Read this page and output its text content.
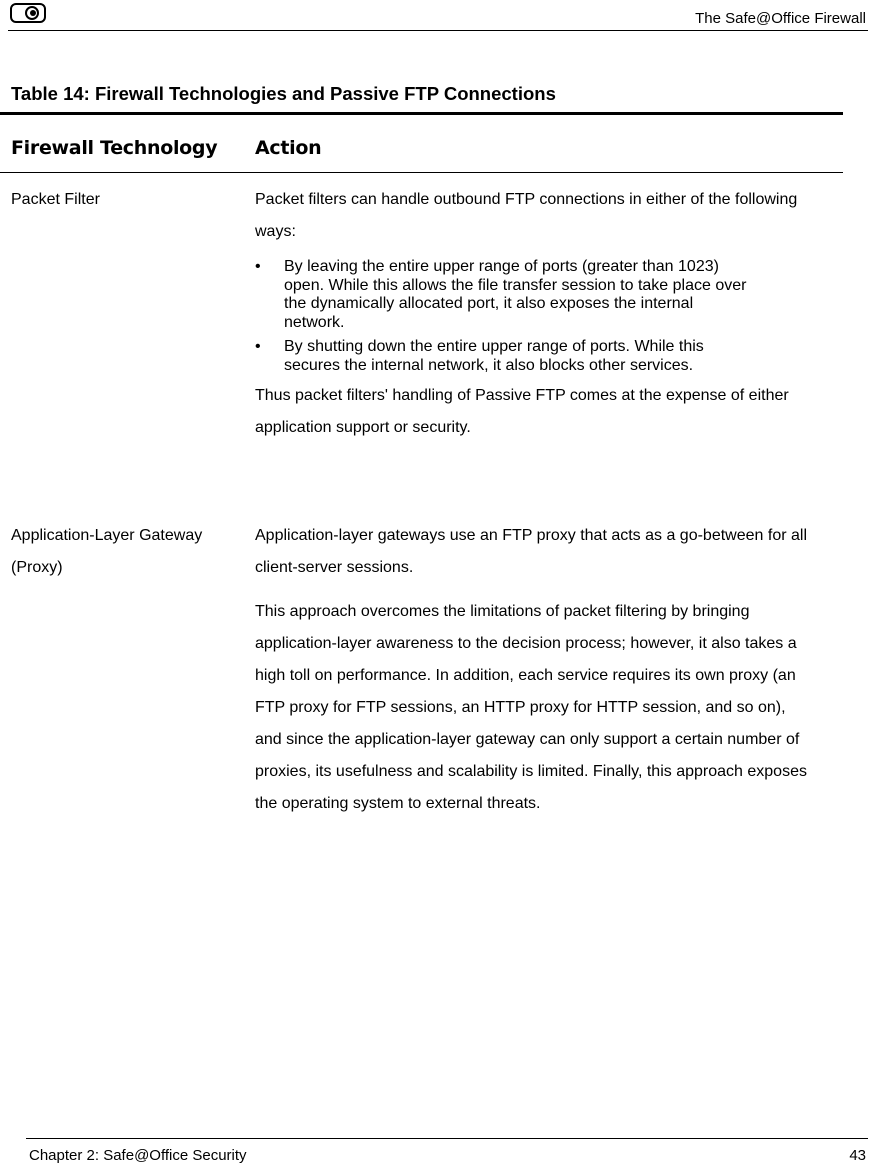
The Safe@Office Firewall
Table 14: Firewall Technologies and Passive FTP Connections
Firewall Technology Action
Packet Filter	Packet filters can handle outbound FTP connections in either of the following ways:

• By leaving the entire upper range of ports (greater than 1023) open. While this allows the file transfer session to take place over the dynamically allocated port, it also exposes the internal network.
• By shutting down the entire upper range of ports. While this secures the internal network, it also blocks other services.

Thus packet filters' handling of Passive FTP comes at the expense of either application support or security.

Application-Layer Gateway (Proxy)

Application-layer gateways use an FTP proxy that acts as a go-between for all client-server sessions.

This approach overcomes the limitations of packet filtering by bringing application-layer awareness to the decision process; however, it also takes a high toll on performance. In addition, each service requires its own proxy (an FTP proxy for FTP sessions, an HTTP proxy for HTTP session, and so on), and since the application-layer gateway can only support a certain number of proxies, its usefulness and scalability is limited. Finally, this approach exposes the operating system to external threats.

Chapter 2: Safe@Office Security	43
